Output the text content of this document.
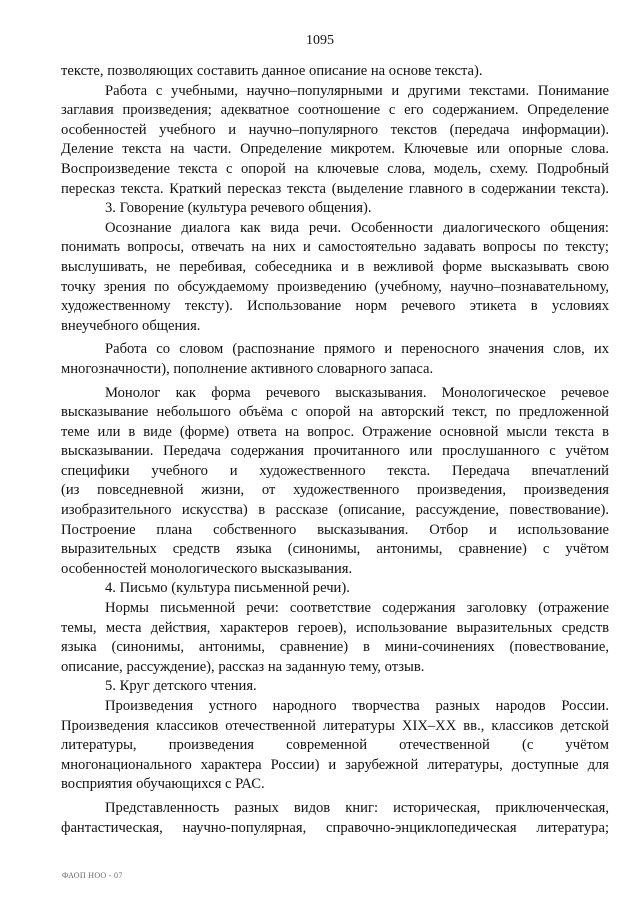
1095
тексте, позволяющих составить данное описание на основе текста).
Работа с учебными, научно–популярными и другими текстами. Понимание
заглавия произведения; адекватное соотношение с его содержанием. Определение
особенностей учебного и научно–популярного текстов (передача информации).
Деление текста на части. Определение микротем. Ключевые или опорные слова.
Воспроизведение текста с опорой на ключевые слова, модель, схему. Подробный
пересказ текста. Краткий пересказ текста (выделение главного в содержании текста).
3. Говорение (культура речевого общения).
Осознание диалога как вида речи. Особенности диалогического общения:
понимать вопросы, отвечать на них и самостоятельно задавать вопросы по тексту;
выслушивать, не перебивая, собеседника и в вежливой форме высказывать свою
точку зрения по обсуждаемому произведению (учебному, научно–познавательному,
художественному тексту). Использование норм речевого этикета в условиях
внеучебного общения.
Работа со словом (распознание прямого и переносного значения слов, их
многозначности), пополнение активного словарного запаса.
Монолог как форма речевого высказывания. Монологическое речевое
высказывание небольшого объёма с опорой на авторский текст, по предложенной
теме или в виде (форме) ответа на вопрос. Отражение основной мысли текста в
высказывании. Передача содержания прочитанного или прослушанного с учётом
специфики учебного и художественного текста. Передача впечатлений
(из повседневной жизни, от художественного произведения, произведения
изобразительного искусства) в рассказе (описание, рассуждение, повествование).
Построение плана собственного высказывания. Отбор и использование
выразительных средств языка (синонимы, антонимы, сравнение) с учётом
особенностей монологического высказывания.
4. Письмо (культура письменной речи).
Нормы письменной речи: соответствие содержания заголовку (отражение
темы, места действия, характеров героев), использование выразительных средств
языка (синонимы, антонимы, сравнение) в мини-сочинениях (повествование,
описание, рассуждение), рассказ на заданную тему, отзыв.
5. Круг детского чтения.
Произведения устного народного творчества разных народов России.
Произведения классиков отечественной литературы XIX–XX вв., классиков детской
литературы, произведения современной отечественной (с учётом
многонационального характера России) и зарубежной литературы, доступные для
восприятия обучающихся с РАС.
Представленность разных видов книг: историческая, приключенческая,
фантастическая, научно-популярная, справочно-энциклопедическая литература;
ФАОП НОО - 07
